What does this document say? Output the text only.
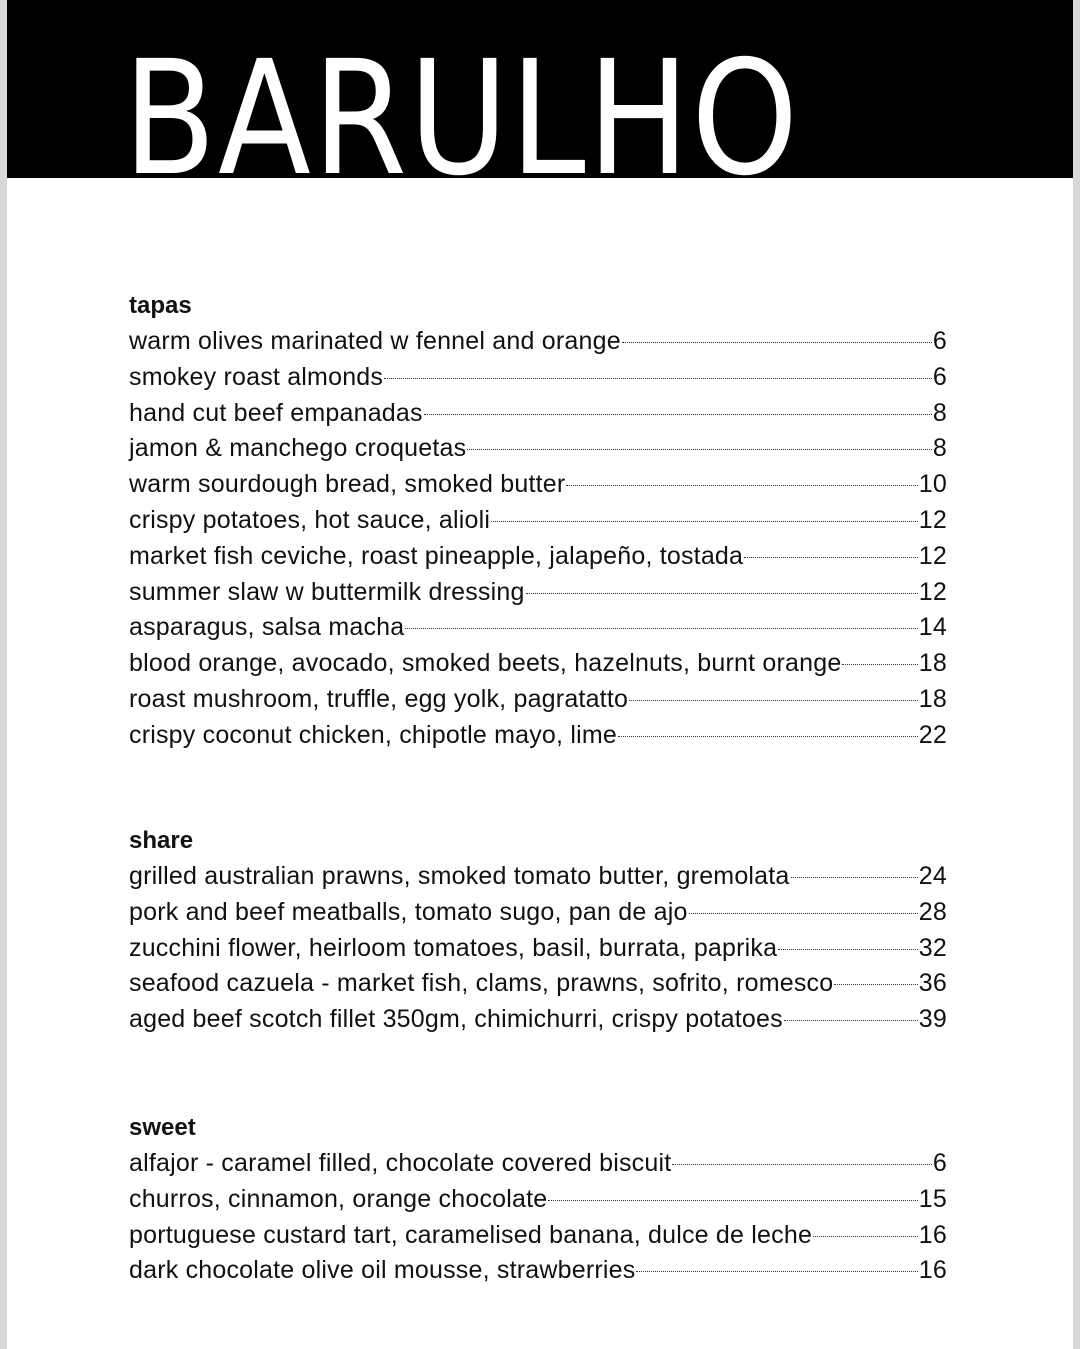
BARULHO
tapas
warm olives marinated w fennel and orange	6
smokey roast almonds	6
hand cut beef empanadas	8
jamon & manchego croquetas	8
warm sourdough bread, smoked butter	10
crispy potatoes, hot sauce, alioli	12
market fish ceviche, roast pineapple, jalapeño, tostada	12
summer slaw w buttermilk dressing	12
asparagus, salsa macha	14
blood orange, avocado, smoked beets, hazelnuts, burnt orange	18
roast mushroom, truffle, egg yolk, pagratatto	18
crispy coconut chicken, chipotle mayo, lime	22
share
grilled australian prawns, smoked tomato butter, gremolata	24
pork and beef meatballs, tomato sugo, pan de ajo	28
zucchini flower, heirloom tomatoes, basil, burrata, paprika	32
seafood cazuela - market fish, clams, prawns, sofrito, romesco	36
aged beef scotch fillet 350gm, chimichurri, crispy potatoes	39
sweet
alfajor - caramel filled, chocolate covered biscuit	6
churros, cinnamon, orange chocolate	15
portuguese custard tart, caramelised banana, dulce de leche	16
dark chocolate olive oil mousse, strawberries	16
